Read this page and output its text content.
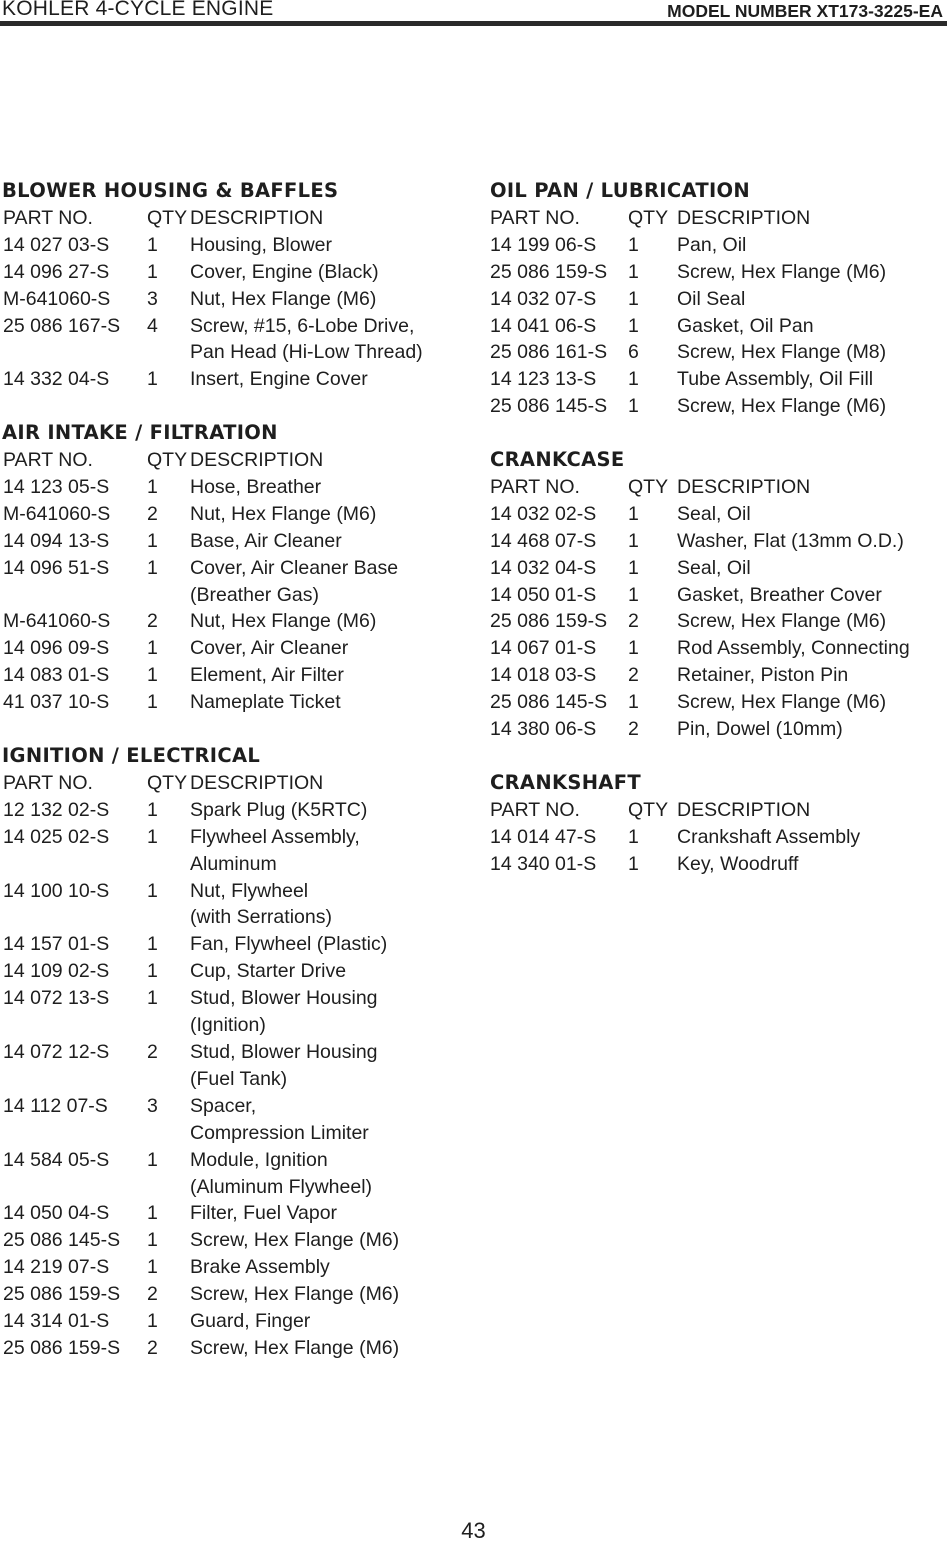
KOHLER 4-CYCLE ENGINE	MODEL NUMBER XT173-3225-EA
BLOWER HOUSING & BAFFLES
PART NO.	QTY DESCRIPTION
14 027 03-S	1	Housing, Blower
14 096 27-S	1	Cover, Engine (Black)
M-641060-S	3	Nut, Hex Flange (M6)
25 086 167-S	4	Screw, #15, 6-Lobe Drive,
Pan Head (Hi-Low Thread)
14 332 04-S	1	Insert, Engine Cover
AIR INTAKE / FILTRATION
PART NO.	QTY DESCRIPTION
14 123 05-S	1	Hose, Breather
M-641060-S	2	Nut, Hex Flange (M6)
14 094 13-S	1	Base, Air Cleaner
14 096 51-S	1	Cover, Air Cleaner Base
(Breather Gas)
M-641060-S	2	Nut, Hex Flange (M6)
14 096 09-S	1	Cover, Air Cleaner
14 083 01-S	1	Element, Air Filter
41 037 10-S	1	Nameplate Ticket
IGNITION / ELECTRICAL
PART NO.	QTY DESCRIPTION
12 132 02-S	1	Spark Plug (K5RTC)
14 025 02-S	1	Flywheel Assembly,
Aluminum
14 100 10-S	1	Nut, Flywheel
(with Serrations)
14 157 01-S	1	Fan, Flywheel (Plastic)
14 109 02-S	1	Cup, Starter Drive
14 072 13-S	1	Stud, Blower Housing
(Ignition)
14 072 12-S	2	Stud, Blower Housing
(Fuel Tank)
14 112 07-S	3	Spacer,
Compression Limiter
14 584 05-S	1	Module, Ignition
(Aluminum Flywheel)
14 050 04-S	1	Filter, Fuel Vapor
25 086 145-S	1	Screw, Hex Flange (M6)
14 219 07-S	1	Brake Assembly
25 086 159-S	2	Screw, Hex Flange (M6)
14 314 01-S	1	Guard, Finger
25 086 159-S	2	Screw, Hex Flange (M6)
OIL PAN / LUBRICATION
PART NO.	QTY DESCRIPTION
14 199 06-S	1	Pan, Oil
25 086 159-S	1	Screw, Hex Flange (M6)
14 032 07-S	1	Oil Seal
14 041 06-S	1	Gasket, Oil Pan
25 086 161-S	6	Screw, Hex Flange (M8)
14 123 13-S	1	Tube Assembly, Oil Fill
25 086 145-S	1	Screw, Hex Flange (M6)
CRANKCASE
PART NO.	QTY DESCRIPTION
14 032 02-S	1	Seal, Oil
14 468 07-S	1	Washer, Flat (13mm O.D.)
14 032 04-S	1	Seal, Oil
14 050 01-S	1	Gasket, Breather Cover
25 086 159-S	2	Screw, Hex Flange (M6)
14 067 01-S	1	Rod Assembly, Connecting
14 018 03-S	2	Retainer, Piston Pin
25 086 145-S	1	Screw, Hex Flange (M6)
14 380 06-S	2	Pin, Dowel (10mm)
CRANKSHAFT
PART NO.	QTY DESCRIPTION
14 014 47-S	1	Crankshaft Assembly
14 340 01-S	1	Key, Woodruff
43
